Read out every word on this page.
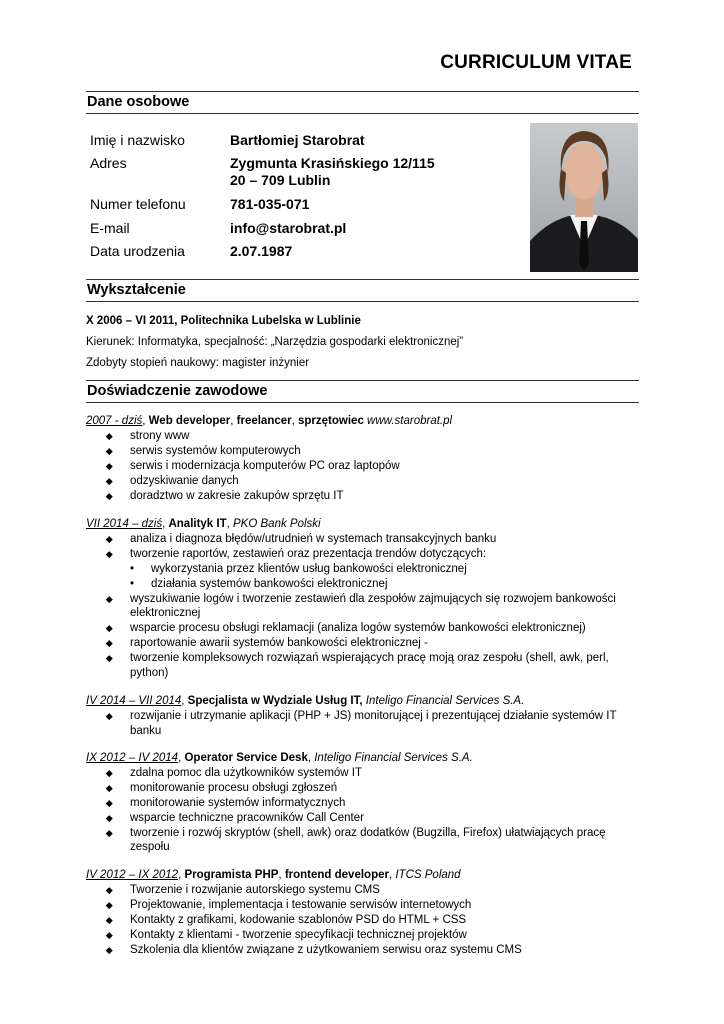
CURRICULUM VITAE
Dane osobowe
Imię i nazwisko	Bartłomiej Starobrat
Adres	Zygmunta Krasińskiego 12/115
20 – 709 Lublin
Numer telefonu	781-035-071
E-mail	info@starobrat.pl
Data urodzenia	2.07.1987
Wykształcenie
X 2006 – VI 2011, Politechnika Lubelska w Lublinie
Kierunek: Informatyka, specjalność: „Narzędzia gospodarki elektronicznej”
Zdobyty stopień naukowy: magister inżynier
Doświadczenie zawodowe

2007 - dziś, Web developer, freelancer, sprzętowiec www.starobrat.pl

strony www
serwis systemów komputerowych
serwis i modernizacja komputerów PC oraz laptopów
odzyskiwanie danych
doradztwo w zakresie zakupów sprzętu IT

VII 2014 – dziś, Analityk IT, PKO Bank Polski

analiza i diagnoza błędów/utrudnień w systemach transakcyjnych banku
tworzenie raportów, zestawień oraz prezentacja trendów dotyczących:
• wykorzystania przez klientów usług bankowości elektronicznej
• działania systemów bankowości elektronicznej
wyszukiwanie logów i tworzenie zestawień dla zespołów zajmujących się rozwojem bankowości elektronicznej
wsparcie procesu obsługi reklamacji (analiza logów systemów bankowości elektronicznej)
raportowanie awarii systemów bankowości elektronicznej -
tworzenie kompleksowych rozwiązań wspierających pracę moją oraz zespołu (shell, awk, perl, python)

IV 2014 – VII 2014, Specjalista w Wydziale Usług IT, Inteligo Financial Services S.A.

rozwijanie i utrzymanie aplikacji (PHP + JS) monitorującej i prezentującej działanie systemów IT banku

IX 2012 – IV 2014, Operator Service Desk, Inteligo Financial Services S.A.

zdalna pomoc dla użytkowników systemów IT
monitorowanie procesu obsługi zgłoszeń
monitorowanie systemów informatycznych
wsparcie techniczne pracowników Call Center
tworzenie i rozwój skryptów (shell, awk) oraz dodatków (Bugzilla, Firefox) ułatwiających pracę zespołu

IV 2012 – IX 2012, Programista PHP, frontend developer, ITCS Poland

Tworzenie i rozwijanie autorskiego systemu CMS
Projektowanie, implementacja i testowanie serwisów internetowych
Kontakty z grafikami, kodowanie szablonów PSD do HTML + CSS
Kontakty z klientami - tworzenie specyfikacji technicznej projektów
Szkolenia dla klientów związane z użytkowaniem serwisu oraz systemu CMS
